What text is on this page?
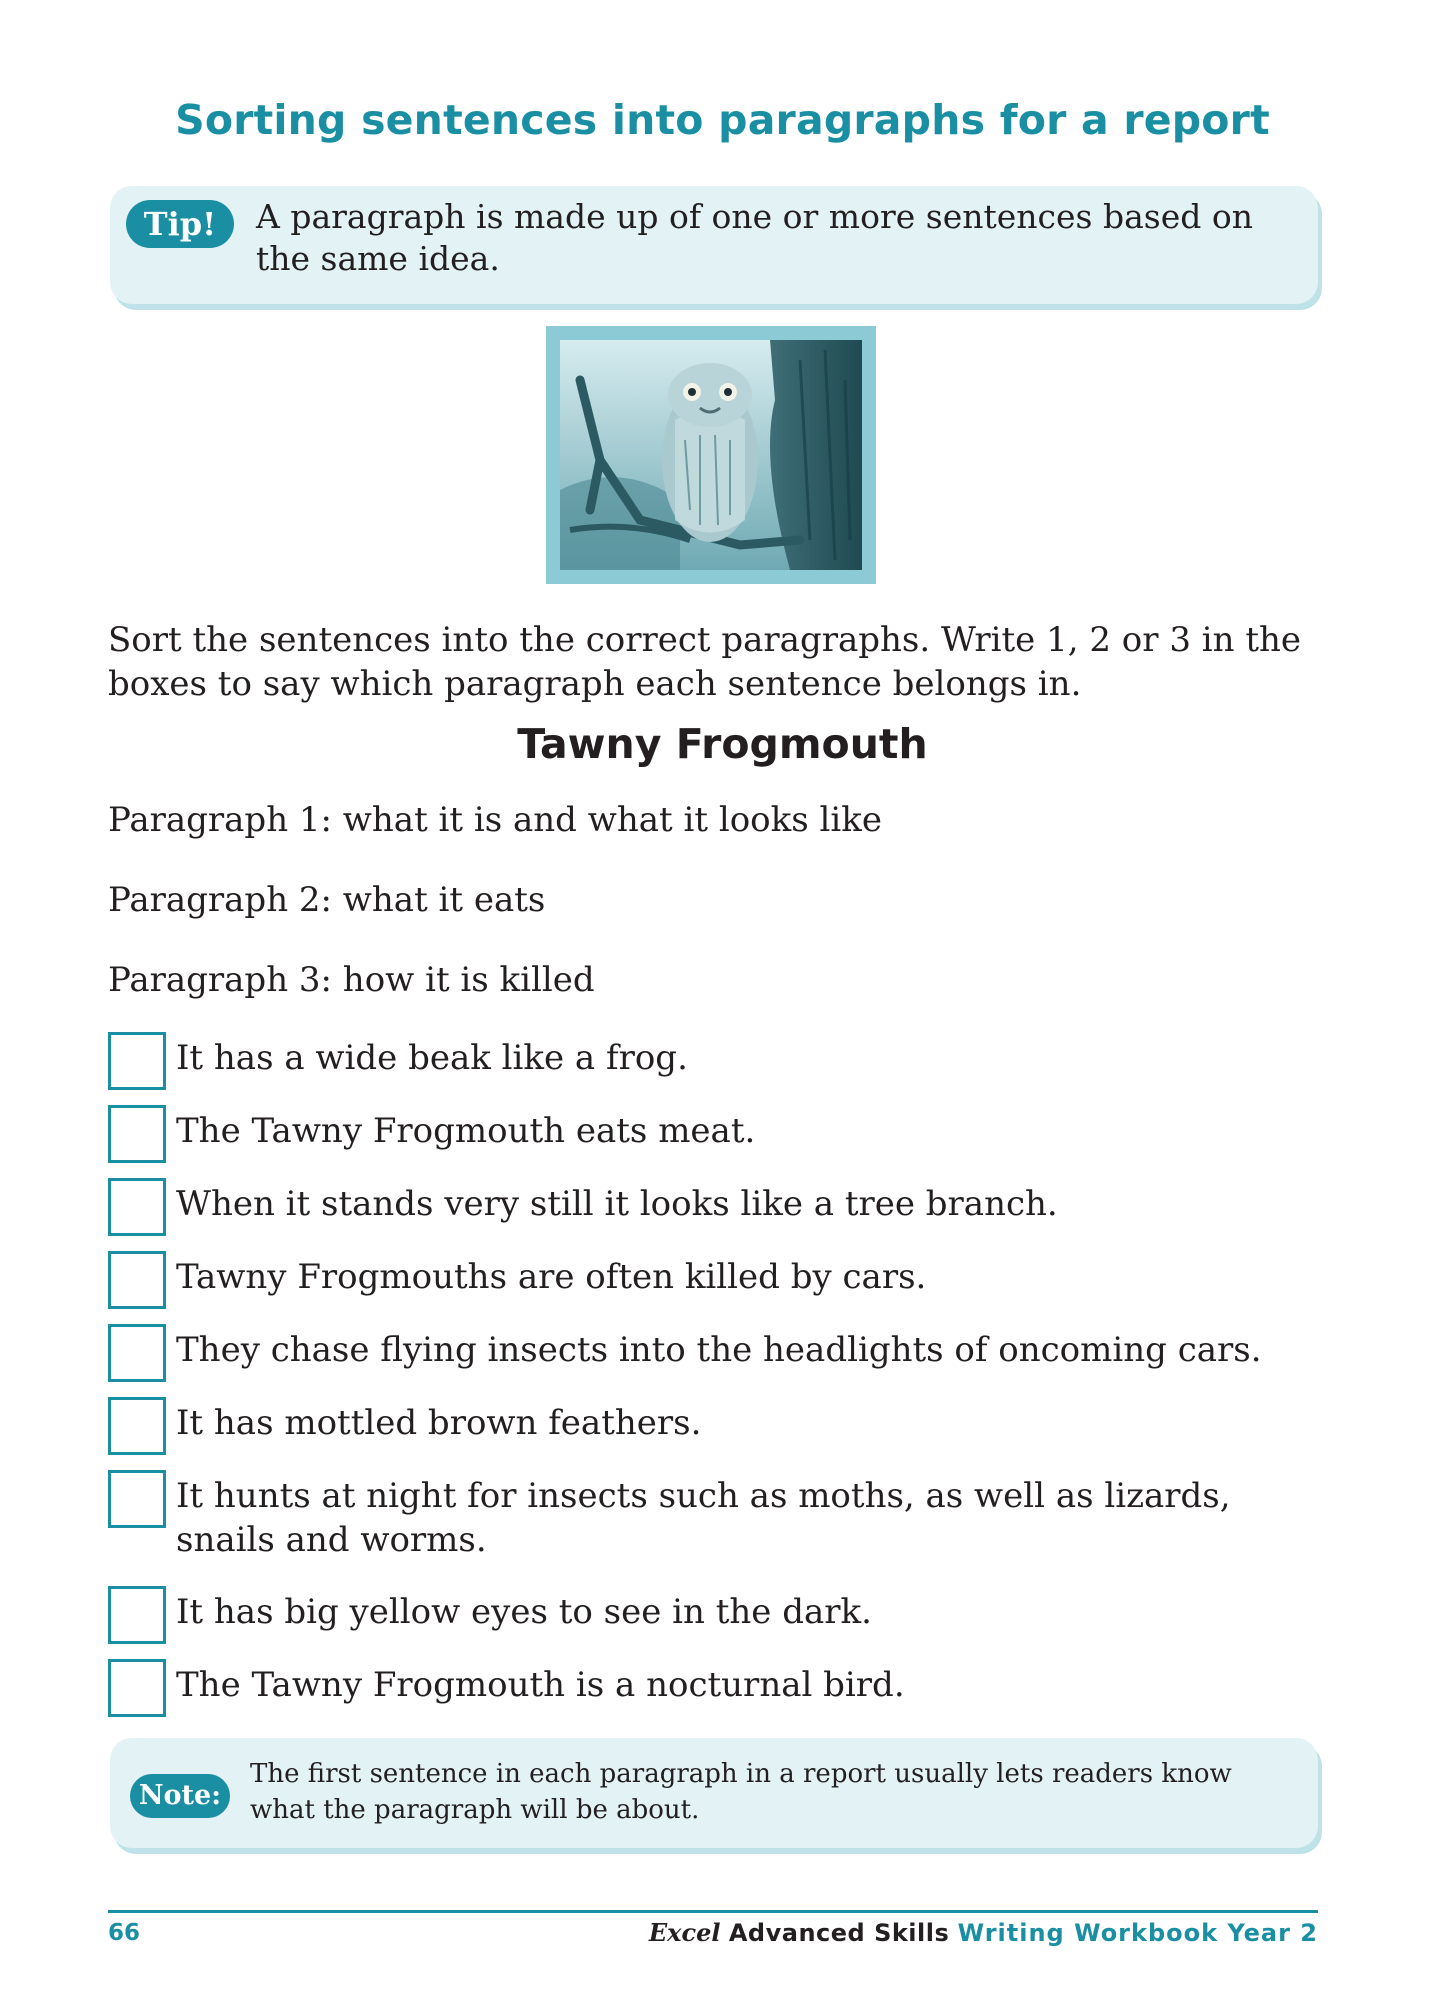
Sorting sentences into paragraphs for a report
Tip!	A paragraph is made up of one or more sentences based on the same idea.
Sort the sentences into the correct paragraphs. Write 1, 2 or 3 in the boxes to say which paragraph each sentence belongs in.
Tawny Frogmouth
Paragraph 1: what it is and what it looks like
Paragraph 2: what it eats
Paragraph 3: how it is killed
It has a wide beak like a frog.
The Tawny Frogmouth eats meat.
When it stands very still it looks like a tree branch.
Tawny Frogmouths are often killed by cars.
They chase flying insects into the headlights of oncoming cars.
It has mottled brown feathers.
It hunts at night for insects such as moths, as well as lizards, snails and worms.
It has big yellow eyes to see in the dark.
The Tawny Frogmouth is a nocturnal bird.
Note:
The first sentence in each paragraph in a report usually lets readers know what the paragraph will be about.
66	Excel Advanced Skills Writing Workbook Year 2
